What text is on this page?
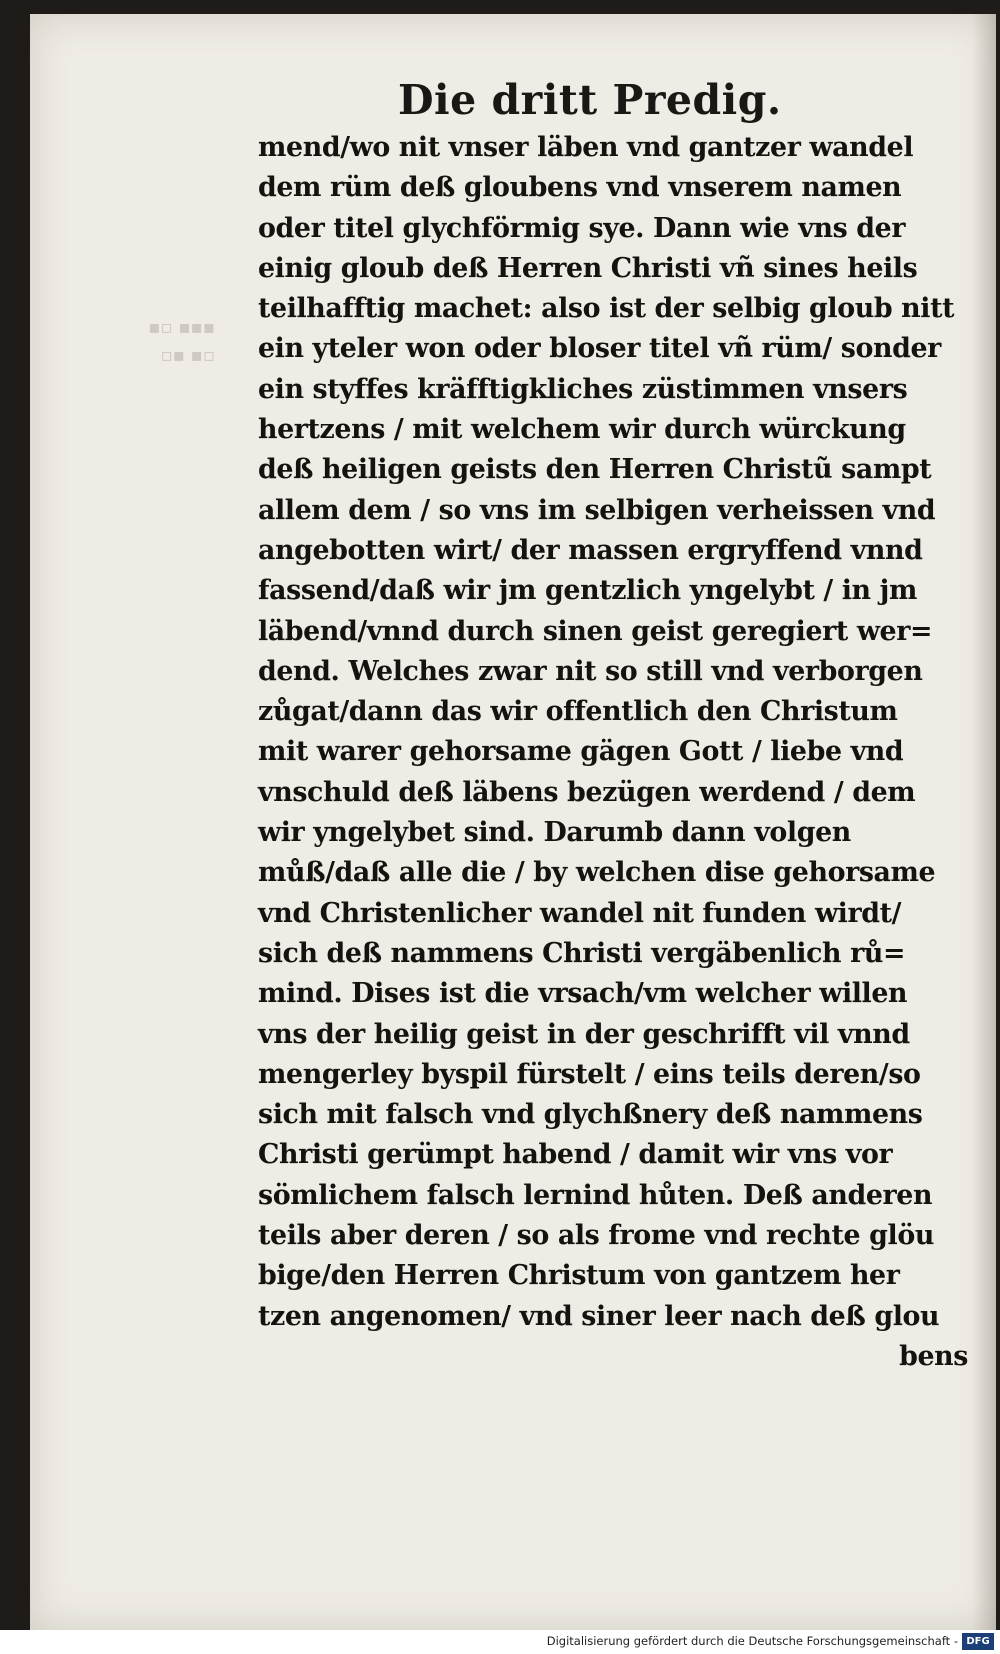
▪▪▪ ▫▪
▫▪ ▪▫
Die dritt Predig.
mend/wo nit vnser läben vnd gantzer wandel
dem rüm deß gloubens vnd vnserem namen
oder titel glychförmig sye. Dann wie vns der
einig gloub deß Herren Christi vñ sines heils
teilhafftig machet: also ist der selbig gloub nitt
ein yteler won oder bloser titel vñ rüm/ sonder
ein styffes kräfftigkliches züstimmen vnsers
hertzens / mit welchem wir durch würckung
deß heiligen geists den Herren Christũ sampt
allem dem / so vns im selbigen verheissen vnd
angebotten wirt/ der massen ergryffend vnnd
fassend/daß wir jm gentzlich yngelybt / in jm
läbend/vnnd durch sinen geist geregiert wer=
dend. Welches zwar nit so still vnd verborgen
zůgat/dann das wir offentlich den Christum
mit warer gehorsame gägen Gott / liebe vnd
vnschuld deß läbens bezügen werdend / dem
wir yngelybet sind. Darumb dann volgen
můß/daß alle die / by welchen dise gehorsame
vnd Christenlicher wandel nit funden wirdt/
sich deß nammens Christi vergäbenlich rů=
mind. Dises ist die vrsach/vm welcher willen
vns der heilig geist in der geschrifft vil vnnd
mengerley byspil fürstelt / eins teils deren/so
sich mit falsch vnd glychßnery deß nammens
Christi gerümpt habend / damit wir vns vor
sömlichem falsch lernind hůten. Deß anderen
teils aber deren / so als frome vnd rechte glöu
bige/den Herren Christum von gantzem her
tzen angenomen/ vnd siner leer nach deß glou
bens
Digitalisierung gefördert durch die Deutsche Forschungsgemeinschaft - DFG
